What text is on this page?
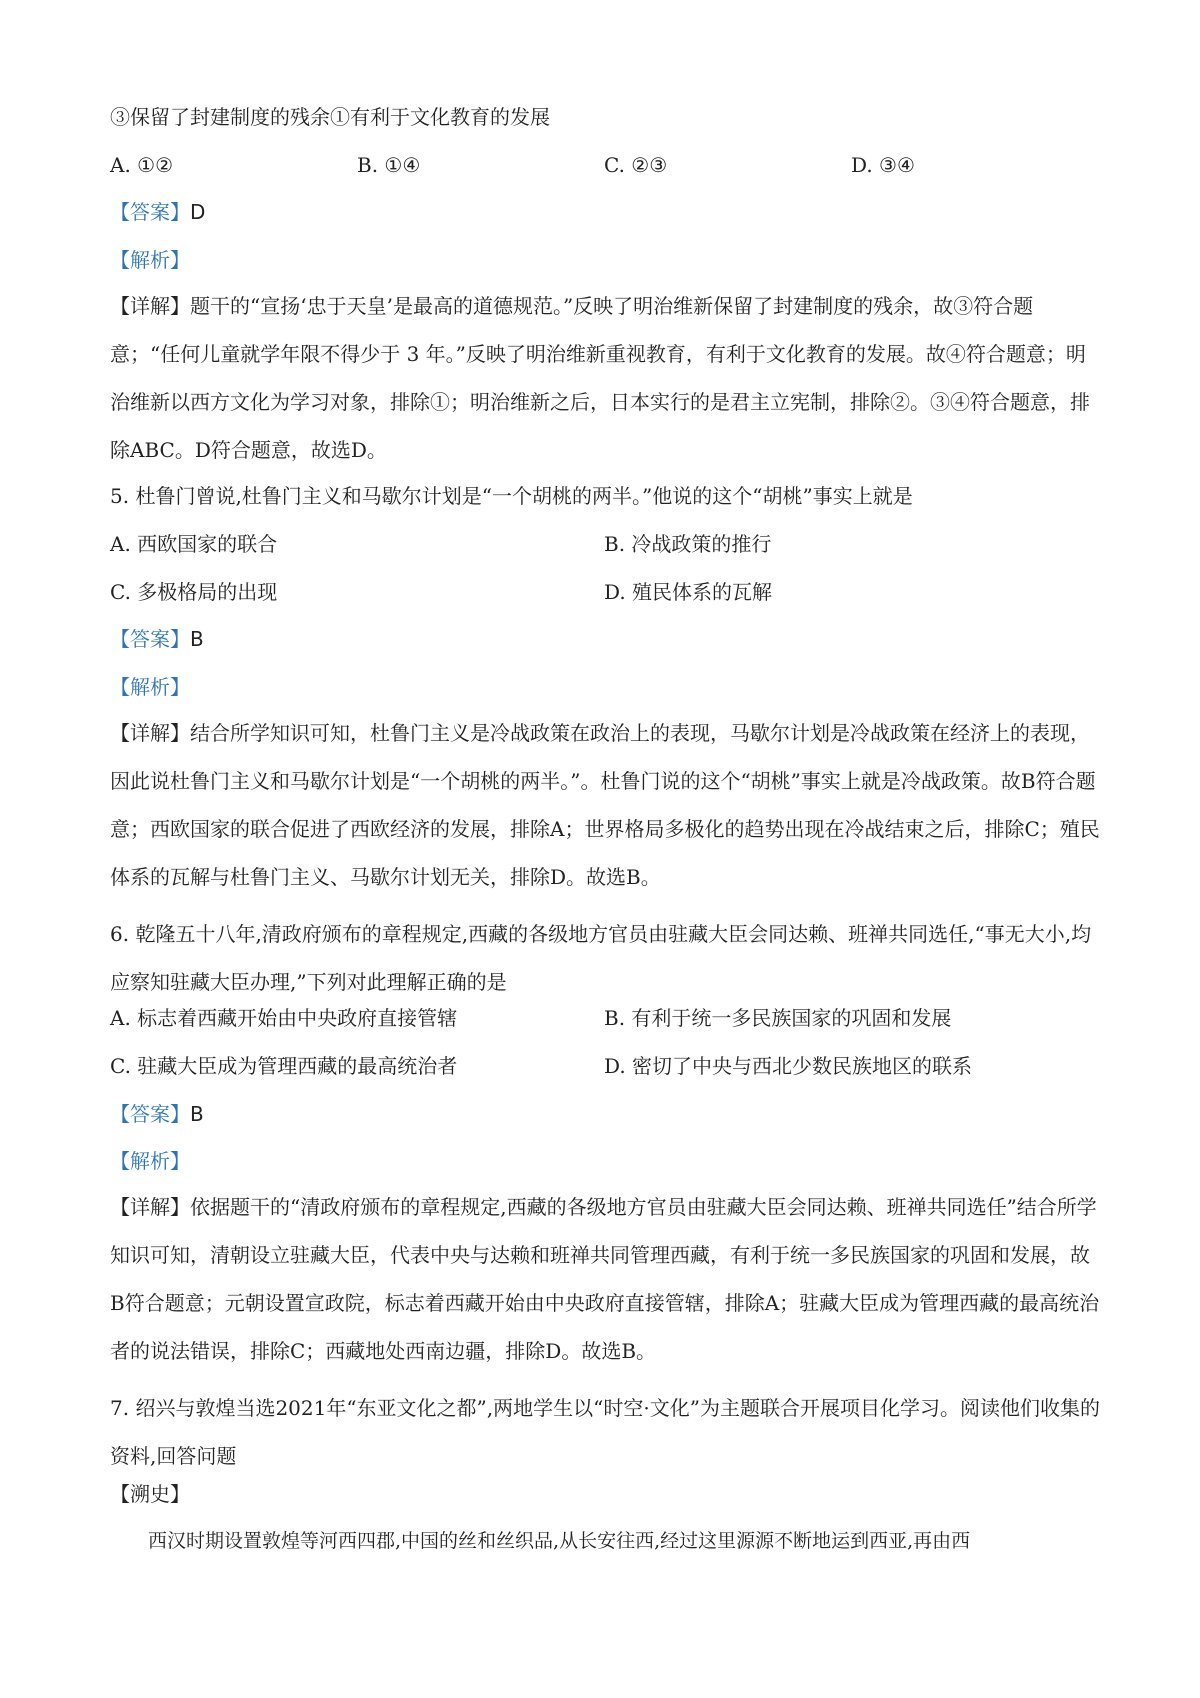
③保留了封建制度的残余①有利于文化教育的发展
A. ①②	B. ①④	C. ②③	D. ③④
【答案】D
【解析】
【详解】题干的“宣扬‘忠于天皇’是最高的道德规范。”反映了明治维新保留了封建制度的残余，故③符合题意；“任何儿童就学年限不得少于 3 年。”反映了明治维新重视教育，有利于文化教育的发展。故④符合题意；明治维新以西方文化为学习对象，排除①；明治维新之后，日本实行的是君主立宪制，排除②。③④符合题意，排除ABC。D符合题意，故选D。
5. 杜鲁门曾说,杜鲁门主义和马歇尔计划是“一个胡桃的两半。”他说的这个“胡桃”事实上就是
A. 西欧国家的联合	B. 冷战政策的推行
C. 多极格局的出现	D. 殖民体系的瓦解
【答案】B
【解析】
【详解】结合所学知识可知，杜鲁门主义是冷战政策在政治上的表现，马歇尔计划是冷战政策在经济上的表现，因此说杜鲁门主义和马歇尔计划是“一个胡桃的两半。”。杜鲁门说的这个“胡桃”事实上就是冷战政策。故B符合题意；西欧国家的联合促进了西欧经济的发展，排除A；世界格局多极化的趋势出现在冷战结束之后，排除C；殖民体系的瓦解与杜鲁门主义、马歇尔计划无关，排除D。故选B。
6. 乾隆五十八年,清政府颁布的章程规定,西藏的各级地方官员由驻藏大臣会同达赖、班禅共同选任,“事无大小,均应察知驻藏大臣办理,”下列对此理解正确的是
A. 标志着西藏开始由中央政府直接管辖	B. 有利于统一多民族国家的巩固和发展
C. 驻藏大臣成为管理西藏的最高统治者	D. 密切了中央与西北少数民族地区的联系
【答案】B
【解析】
【详解】依据题干的“清政府颁布的章程规定,西藏的各级地方官员由驻藏大臣会同达赖、班禅共同选任”结合所学知识可知，清朝设立驻藏大臣，代表中央与达赖和班禅共同管理西藏，有利于统一多民族国家的巩固和发展，故B符合题意；元朝设置宣政院，标志着西藏开始由中央政府直接管辖，排除A；驻藏大臣成为管理西藏的最高统治者的说法错误，排除C；西藏地处西南边疆，排除D。故选B。
7. 绍兴与敦煌当选2021年“东亚文化之都”,两地学生以“时空·文化”为主题联合开展项目化学习。阅读他们收集的资料,回答问题
【溯史】
西汉时期设置敦煌等河西四郡,中国的丝和丝织品,从长安往西,经过这里源源不断地运到西亚,再由西
